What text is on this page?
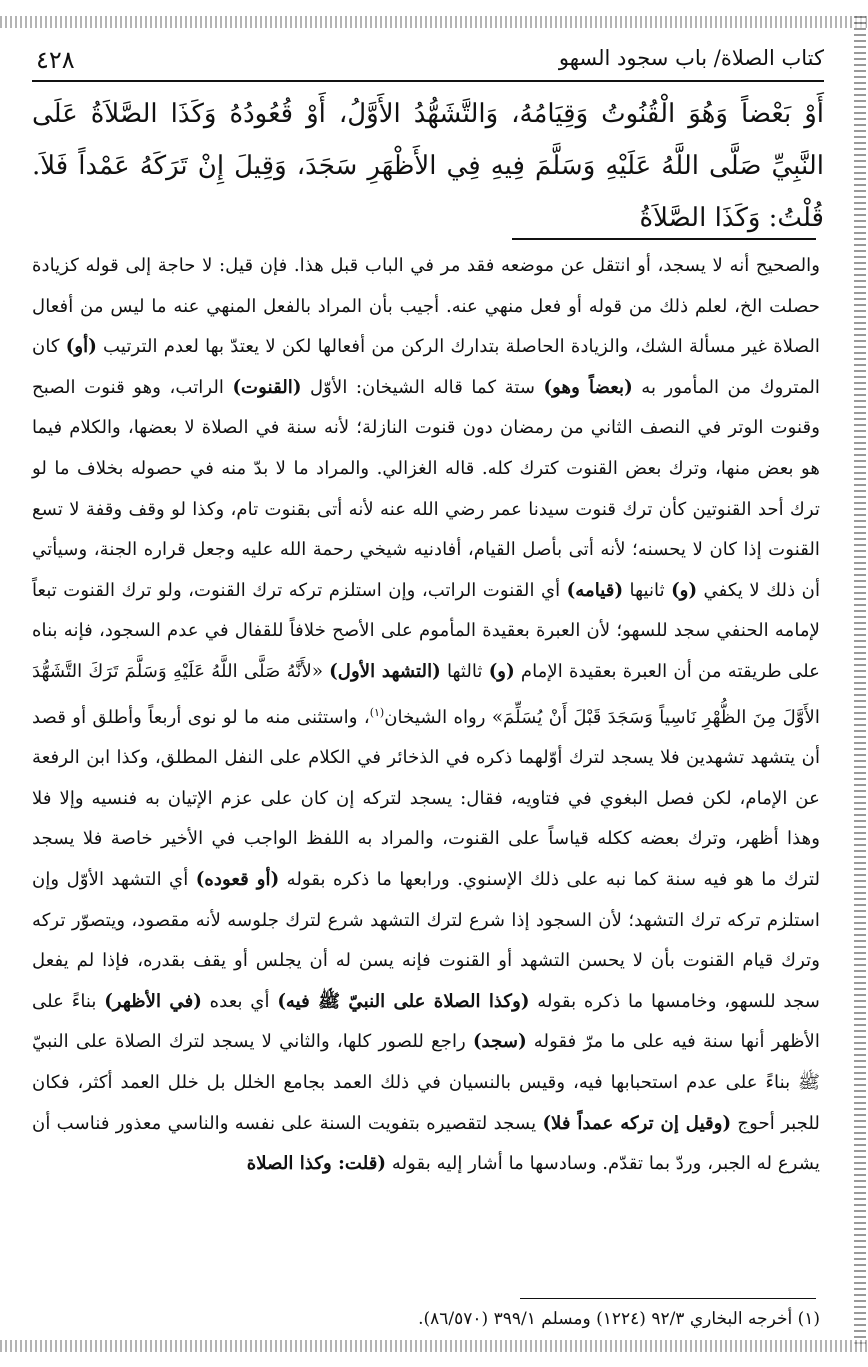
٤٢٨	كتاب الصلاة/ باب سجود السهو
أَوْ بَعْضاً وَهُوَ الْقُنُوتُ وَقِيَامُهُ، وَالتَّشَهُّدُ الأَوَّلُ، أَوْ قُعُودُهُ وَكَذَا الصَّلاَةُ عَلَى النَّبِيِّ صَلَّى اللَّهُ عَلَيْهِ وَسَلَّمَ فِيهِ فِي الأَظْهَرِ سَجَدَ، وَقِيلَ إِنْ تَرَكَهُ عَمْداً فَلاَ. قُلْتُ: وَكَذَا الصَّلاَةُ
والصحيح أنه لا يسجد، أو انتقل عن موضعه فقد مر في الباب قبل هذا. فإن قيل: لا حاجة إلى قوله كزيادة حصلت الخ، لعلم ذلك من قوله أو فعل منهي عنه. أجيب بأن المراد بالفعل المنهي عنه ما ليس من أفعال الصلاة غير مسألة الشك، والزيادة الحاصلة بتدارك الركن من أفعالها لكن لا يعتدّ بها لعدم الترتيب (أو) كان المتروك من المأمور به (بعضاً وهو) ستة كما قاله الشيخان: الأوّل (القنوت) الراتب، وهو قنوت الصبح وقنوت الوتر في النصف الثاني من رمضان دون قنوت النازلة؛ لأنه سنة في الصلاة لا بعضها، والكلام فيما هو بعض منها، وترك بعض القنوت كترك كله. قاله الغزالي. والمراد ما لا بدّ منه في حصوله بخلاف ما لو ترك أحد القنوتين كأن ترك قنوت سيدنا عمر رضي الله عنه لأنه أتى بقنوت تام، وكذا لو وقف وقفة لا تسع القنوت إذا كان لا يحسنه؛ لأنه أتى بأصل القيام، أفادنيه شيخي رحمة الله عليه وجعل قراره الجنة، وسيأتي أن ذلك لا يكفي (و) ثانيها (قيامه) أي القنوت الراتب، وإن استلزم تركه ترك القنوت، ولو ترك القنوت تبعاً لإمامه الحنفي سجد للسهو؛ لأن العبرة بعقيدة المأموم على الأصح خلافاً للقفال في عدم السجود، فإنه بناه على طريقته من أن العبرة بعقيدة الإمام (و) ثالثها (التشهد الأول) «لأَنَّهُ صَلَّى اللَّهُ عَلَيْهِ وَسَلَّمَ تَرَكَ التَّشَهُّدَ الأَوَّلَ مِنَ الظُّهْرِ نَاسِياً وَسَجَدَ قَبْلَ أَنْ يُسَلِّمَ» رواه الشيخان$^{(١)}$، واستثنى منه ما لو نوى أربعاً وأطلق أو قصد أن يتشهد تشهدين فلا يسجد لترك أوّلهما ذكره في الذخائر في الكلام على النفل المطلق، وكذا ابن الرفعة عن الإمام، لكن فصل البغوي في فتاويه، فقال: يسجد لتركه إن كان على عزم الإتيان به فنسيه وإلا فلا وهذا أظهر، وترك بعضه ككله قياساً على القنوت، والمراد به اللفظ الواجب في الأخير خاصة فلا يسجد لترك ما هو فيه سنة كما نبه على ذلك الإسنوي. ورابعها ما ذكره بقوله (أو قعوده) أي التشهد الأوّل وإن استلزم تركه ترك التشهد؛ لأن السجود إذا شرع لترك التشهد شرع لترك جلوسه لأنه مقصود، ويتصوّر تركه وترك قيام القنوت بأن لا يحسن التشهد أو القنوت فإنه يسن له أن يجلس أو يقف بقدره، فإذا لم يفعل سجد للسهو، وخامسها ما ذكره بقوله (وكذا الصلاة على النبيّ ﷺ فيه) أي بعده (في الأظهر) بناءً على الأظهر أنها سنة فيه على ما مرّ فقوله (سجد) راجع للصور كلها، والثاني لا يسجد لترك الصلاة على النبيّ ﷺ بناءً على عدم استحبابها فيه، وقيس بالنسيان في ذلك العمد بجامع الخلل بل خلل العمد أكثر، فكان للجبر أحوج (وقيل إن تركه عمداً فلا) يسجد لتقصيره بتفويت السنة على نفسه والناسي معذور فناسب أن يشرع له الجبر، وردّ بما تقدّم. وسادسها ما أشار إليه بقوله (قلت: وكذا الصلاة
(١) أخرجه البخاري ٩٢/٣ (١٢٢٤) ومسلم ٣٩٩/١ (٨٦/٥٧٠).
